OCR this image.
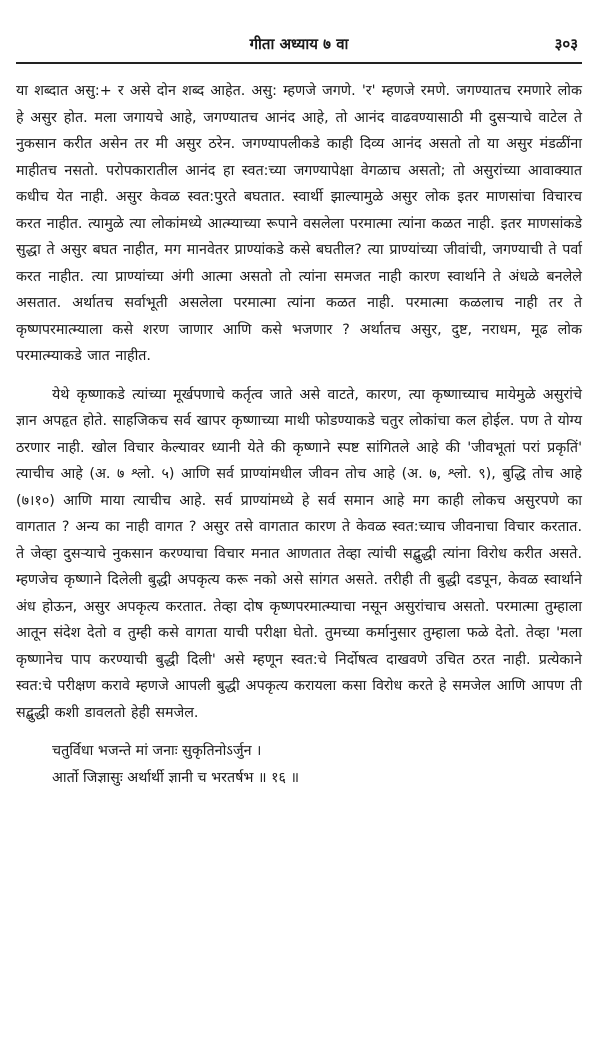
गीता अध्याय ७ वा	३०३

या शब्दात असु:+ र असे दोन शब्द आहेत. असु: म्हणजे जगणे. 'र' म्हणजे रमणे. जगण्यातच रमणारे लोक हे असुर होत. मला जगायचे आहे, जगण्यातच आनंद आहे, तो आनंद वाढवण्यासाठी मी दुसऱ्याचे वाटेल ते नुकसान करीत असेन तर मी असुर ठरेन. जगण्यापलीकडे काही दिव्य आनंद असतो तो या असुर मंडळींना माहीतच नसतो. परोपकारातील आनंद हा स्वत:च्या जगण्यापेक्षा वेगळाच असतो; तो असुरांच्या आवाक्यात कधीच येत नाही. असुर केवळ स्वत:पुरते बघतात. स्वार्थी झाल्यामुळे असुर लोक इतर माणसांचा विचारच करत नाहीत. त्यामुळे त्या लोकांमध्ये आत्म्याच्या रूपाने वसलेला परमात्मा त्यांना कळत नाही. इतर माणसांकडे सुद्धा ते असुर बघत नाहीत, मग मानवेतर प्राण्यांकडे कसे बघतील? त्या प्राण्यांच्या जीवांची, जगण्याची ते पर्वा करत नाहीत. त्या प्राण्यांच्या अंगी आत्मा असतो तो त्यांना समजत नाही कारण स्वार्थाने ते अंधळे बनलेले असतात. अर्थातच सर्वाभूती असलेला परमात्मा त्यांना कळत नाही. परमात्मा कळलाच नाही तर ते कृष्णपरमात्म्याला कसे शरण जाणार आणि कसे भजणार ? अर्थातच असुर, दुष्ट, नराधम, मूढ लोक परमात्म्याकडे जात नाहीत.

येथे कृष्णाकडे त्यांच्या मूर्खपणाचे कर्तृत्व जाते असे वाटते, कारण, त्या कृष्णाच्याच मायेमुळे असुरांचे ज्ञान अपहृत होते. साहजिकच सर्व खापर कृष्णाच्या माथी फोडण्याकडे चतुर लोकांचा कल होईल. पण ते योग्य ठरणार नाही. खोल विचार केल्यावर ध्यानी येते की कृष्णाने स्पष्ट सांगितले आहे की 'जीवभूतां परां प्रकृतिं' त्याचीच आहे (अ. ७ श्लो. ५) आणि सर्व प्राण्यांमधील जीवन तोच आहे (अ. ७, श्लो. ९), बुद्धि तोच आहे (७।१०) आणि माया त्याचीच आहे. सर्व प्राण्यांमध्ये हे सर्व समान आहे मग काही लोकच असुरपणे का वागतात ? अन्य का नाही वागत ? असुर तसे वागतात कारण ते केवळ स्वत:च्याच जीवनाचा विचार करतात. ते जेव्हा दुसऱ्याचे नुकसान करण्याचा विचार मनात आणतात तेव्हा त्यांची सद्बुद्धी त्यांना विरोध करीत असते. म्हणजेच कृष्णाने दिलेली बुद्धी अपकृत्य करू नको असे सांगत असते. तरीही ती बुद्धी दडपून, केवळ स्वार्थाने अंध होऊन, असुर अपकृत्य करतात. तेव्हा दोष कृष्णपरमात्म्याचा नसून असुरांचाच असतो. परमात्मा तुम्हाला आतून संदेश देतो व तुम्ही कसे वागता याची परीक्षा घेतो. तुमच्या कर्मानुसार तुम्हाला फळे देतो. तेव्हा 'मला कृष्णानेच पाप करण्याची बुद्धी दिली' असे म्हणून स्वत:चे निर्दोषत्व दाखवणे उचित ठरत नाही. प्रत्येकाने स्वत:चे परीक्षण करावे म्हणजे आपली बुद्धी अपकृत्य करायला कसा विरोध करते हे समजेल आणि आपण ती सद्बुद्धी कशी डावलतो हेही समजेल.

चतुर्विधा भजन्ते मां जनाः सुकृतिनोऽर्जुन ।
आर्तो जिज्ञासुः अर्थार्थी ज्ञानी च भरतर्षभ ॥ १६ ॥
